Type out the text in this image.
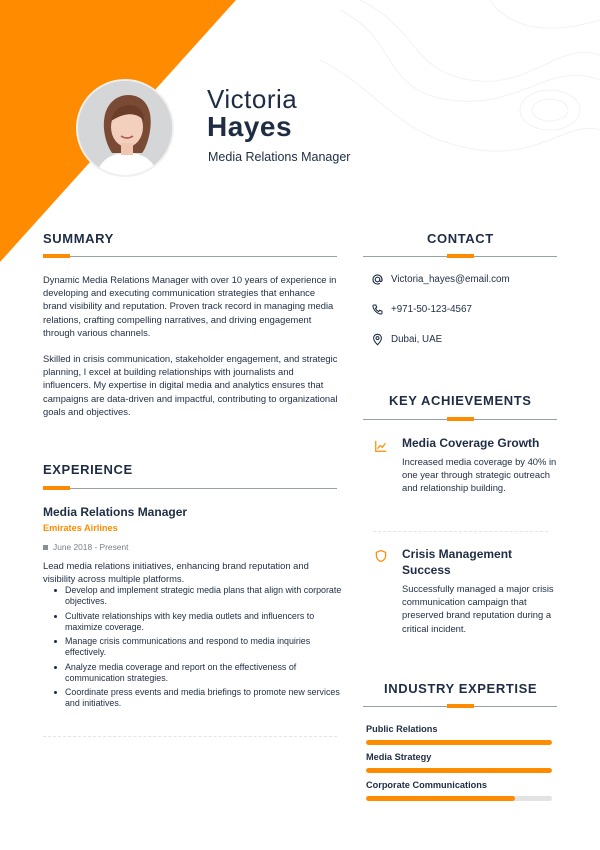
Victoria
Hayes
Media Relations Manager
SUMMARY
Dynamic Media Relations Manager with over 10 years of experience in developing and executing communication strategies that enhance brand visibility and reputation. Proven track record in managing media relations, crafting compelling narratives, and driving engagement through various channels.
Skilled in crisis communication, stakeholder engagement, and strategic planning, I excel at building relationships with journalists and influencers. My expertise in digital media and analytics ensures that campaigns are data-driven and impactful, contributing to organizational goals and objectives.
EXPERIENCE
Media Relations Manager
Emirates Airlines
June 2018 - Present
Lead media relations initiatives, enhancing brand reputation and visibility across multiple platforms.
Develop and implement strategic media plans that align with corporate objectives.
Cultivate relationships with key media outlets and influencers to maximize coverage.
Manage crisis communications and respond to media inquiries effectively.
Analyze media coverage and report on the effectiveness of communication strategies.
Coordinate press events and media briefings to promote new services and initiatives.
CONTACT
Victoria_hayes@email.com
+971-50-123-4567
Dubai, UAE
KEY ACHIEVEMENTS
Media Coverage Growth
Increased media coverage by 40% in one year through strategic outreach and relationship building.
Crisis Management Success
Successfully managed a major crisis communication campaign that preserved brand reputation during a critical incident.
INDUSTRY EXPERTISE
Public Relations
Media Strategy
Corporate Communications
